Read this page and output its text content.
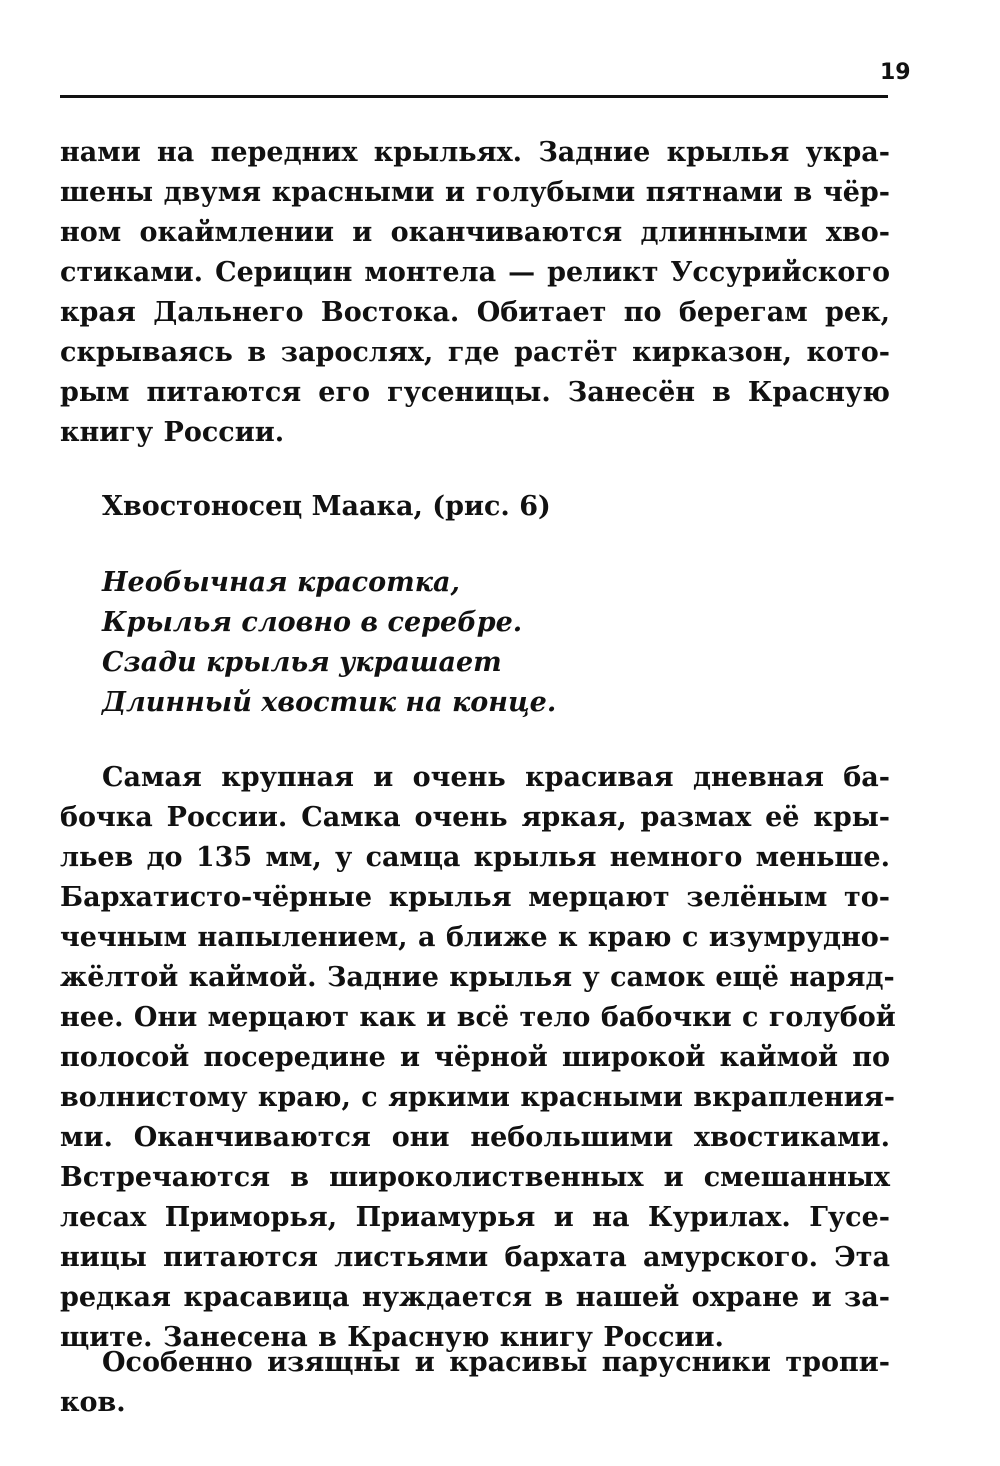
19
нами на передних крыльях. Задние крылья укра-
шены двумя красными и голубыми пятнами в чёр-
ном окаймлении и оканчиваются длинными хво-
стиками. Серицин монтела — реликт Уссурийского
края Дальнего Востока. Обитает по берегам рек,
скрываясь в зарослях, где растёт кирказон, кото-
рым питаются его гусеницы. Занесён в Красную
книгу России.
Хвостоносец Маака, (рис. 6)
Необычная красотка,
Крылья словно в серебре.
Сзади крылья украшает
Длинный хвостик на конце.
Самая крупная и очень красивая дневная ба-
бочка России. Самка очень яркая, размах её кры-
льев до 135 мм, у самца крылья немного меньше.
Бархатисто-чёрные крылья мерцают зелёным то-
чечным напылением, а ближе к краю с изумрудно-
жёлтой каймой. Задние крылья у самок ещё наряд-
нее. Они мерцают как и всё тело бабочки с голубой
полосой посередине и чёрной широкой каймой по
волнистому краю, с яркими красными вкрапления-
ми. Оканчиваются они небольшими хвостиками.
Встречаются в широколиственных и смешанных
лесах Приморья, Приамурья и на Курилах. Гусе-
ницы питаются листьями бархата амурского. Эта
редкая красавица нуждается в нашей охране и за-
щите. Занесена в Красную книгу России.
Особенно изящны и красивы парусники тропи-
ков.
